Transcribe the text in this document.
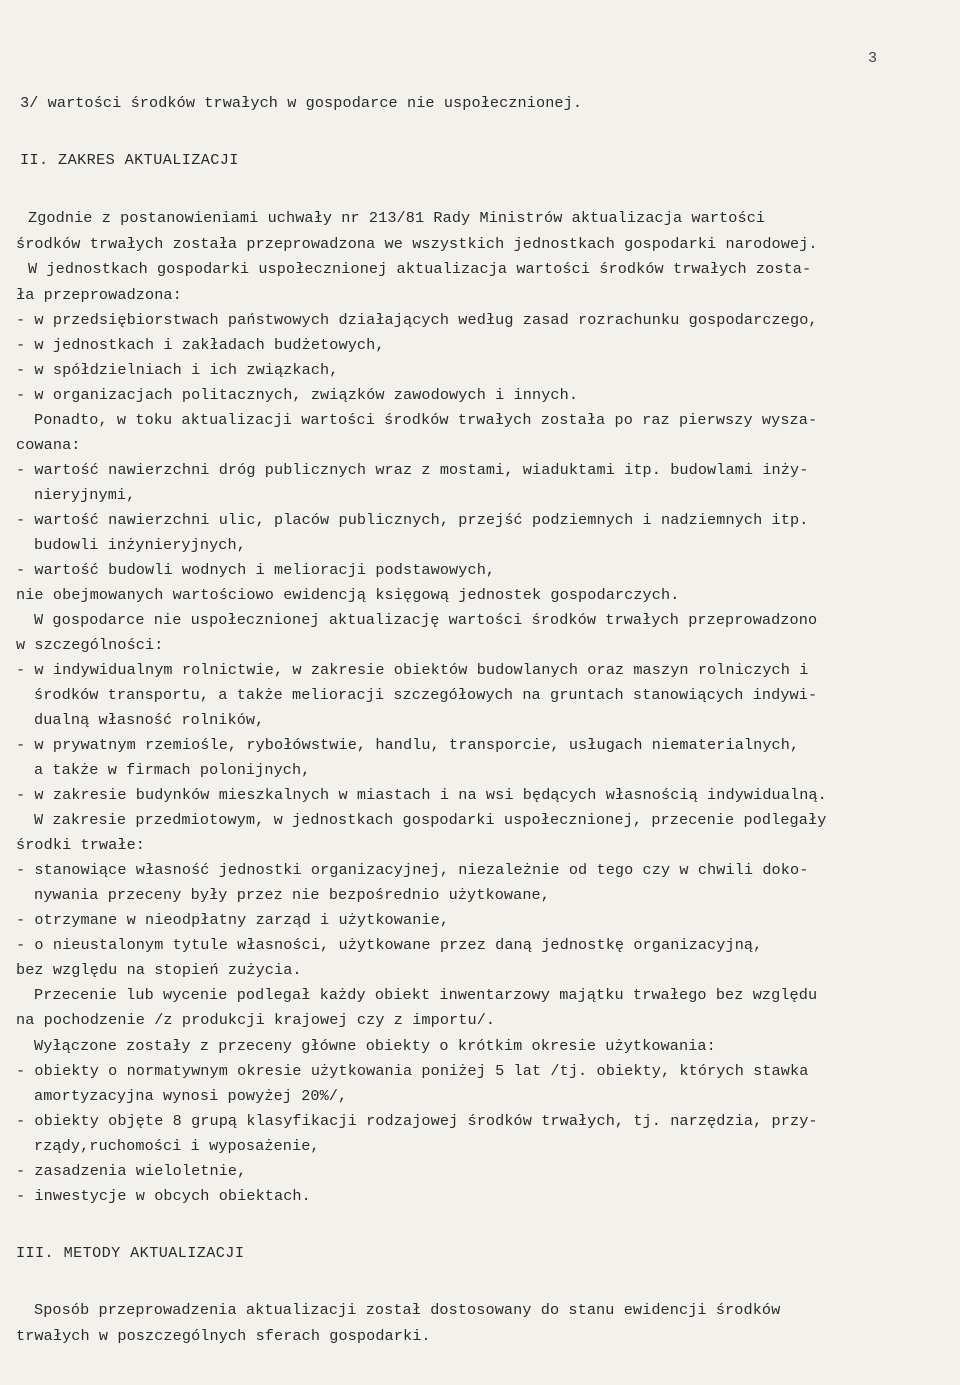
3
3/ wartości środków trwałych w gospodarce nie uspołecznionej.
II. ZAKRES AKTUALIZACJI
Zgodnie z postanowieniami uchwały nr 213/81 Rady Ministrów aktualizacja wartości
środków trwałych została przeprowadzona we wszystkich jednostkach gospodarki narodowej.
W jednostkach gospodarki uspołecznionej aktualizacja wartości środków trwałych zosta-
ła przeprowadzona:
- w przedsiębiorstwach państwowych działających według zasad rozrachunku gospodarczego,
- w jednostkach i zakładach budżetowych,
- w spółdzielniach i ich związkach,
- w organizacjach politacznych, związków zawodowych i innych.
Ponadto, w toku aktualizacji wartości środków trwałych została po raz pierwszy wysza-
cowana:
- wartość nawierzchni dróg publicznych wraz z mostami, wiaduktami itp. budowlami inży-
nieryjnymi,
- wartość nawierzchni ulic, placów publicznych, przejść podziemnych i nadziemnych itp.
budowli inżynieryjnych,
- wartość budowli wodnych i melioracji podstawowych,
nie obejmowanych wartościowo ewidencją księgową jednostek gospodarczych.
W gospodarce nie uspołecznionej aktualizację wartości środków trwałych przeprowadzono
w szczególności:
- w indywidualnym rolnictwie, w zakresie obiektów budowlanych oraz maszyn rolniczych i
środków transportu, a także melioracji szczegółowych na gruntach stanowiących indywi-
dualną własność rolników,
- w prywatnym rzemiośle, rybołówstwie, handlu, transporcie, usługach niematerialnych,
a także w firmach polonijnych,
- w zakresie budynków mieszkalnych w miastach i na wsi będących własnością indywidualną.
W zakresie przedmiotowym, w jednostkach gospodarki uspołecznionej, przecenie podlegały
środki trwałe:
- stanowiące własność jednostki organizacyjnej, niezależnie od tego czy w chwili doko-
nywania przeceny były przez nie bezpośrednio użytkowane,
- otrzymane w nieodpłatny zarząd i użytkowanie,
- o nieustalonym tytule własności, użytkowane przez daną jednostkę organizacyjną,
bez względu na stopień zużycia.
Przecenie lub wycenie podlegał każdy obiekt inwentarzowy majątku trwałego bez względu
na pochodzenie /z produkcji krajowej czy z importu/.
Wyłączone zostały z przeceny główne obiekty o krótkim okresie użytkowania:
- obiekty o normatywnym okresie użytkowania poniżej 5 lat /tj. obiekty, których stawka
amortyzacyjna wynosi powyżej 20%/,
- obiekty objęte 8 grupą klasyfikacji rodzajowej środków trwałych, tj. narzędzia, przy-
rządy,ruchomości i wyposażenie,
- zasadzenia wieloletnie,
- inwestycje w obcych obiektach.
III. METODY AKTUALIZACJI
Sposób przeprowadzenia aktualizacji został dostosowany do stanu ewidencji środków
trwałych w poszczególnych sferach gospodarki.
